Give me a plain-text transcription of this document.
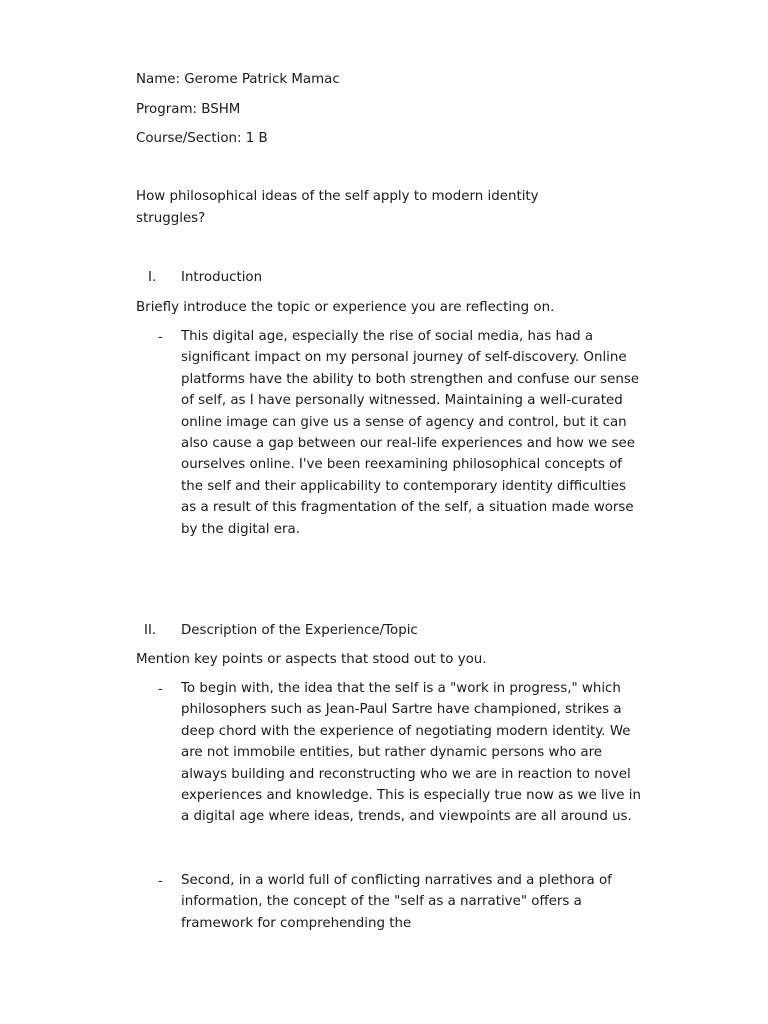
Name: Gerome Patrick Mamac
Program: BSHM
Course/Section: 1 B
How philosophical ideas of the self apply to modern identity struggles?
I. Introduction
Briefly introduce the topic or experience you are reflecting on.
- This digital age, especially the rise of social media, has had a significant impact on my personal journey of self-discovery. Online platforms have the ability to both strengthen and confuse our sense of self, as I have personally witnessed. Maintaining a well-curated online image can give us a sense of agency and control, but it can also cause a gap between our real-life experiences and how we see ourselves online. I've been reexamining philosophical concepts of the self and their applicability to contemporary identity difficulties as a result of this fragmentation of the self, a situation made worse by the digital era.
II. Description of the Experience/Topic
Mention key points or aspects that stood out to you.
- To begin with, the idea that the self is a "work in progress," which philosophers such as Jean-Paul Sartre have championed, strikes a deep chord with the experience of negotiating modern identity. We are not immobile entities, but rather dynamic persons who are always building and reconstructing who we are in reaction to novel experiences and knowledge. This is especially true now as we live in a digital age where ideas, trends, and viewpoints are all around us.
- Second, in a world full of conflicting narratives and a plethora of information, the concept of the "self as a narrative" offers a framework for comprehending the
